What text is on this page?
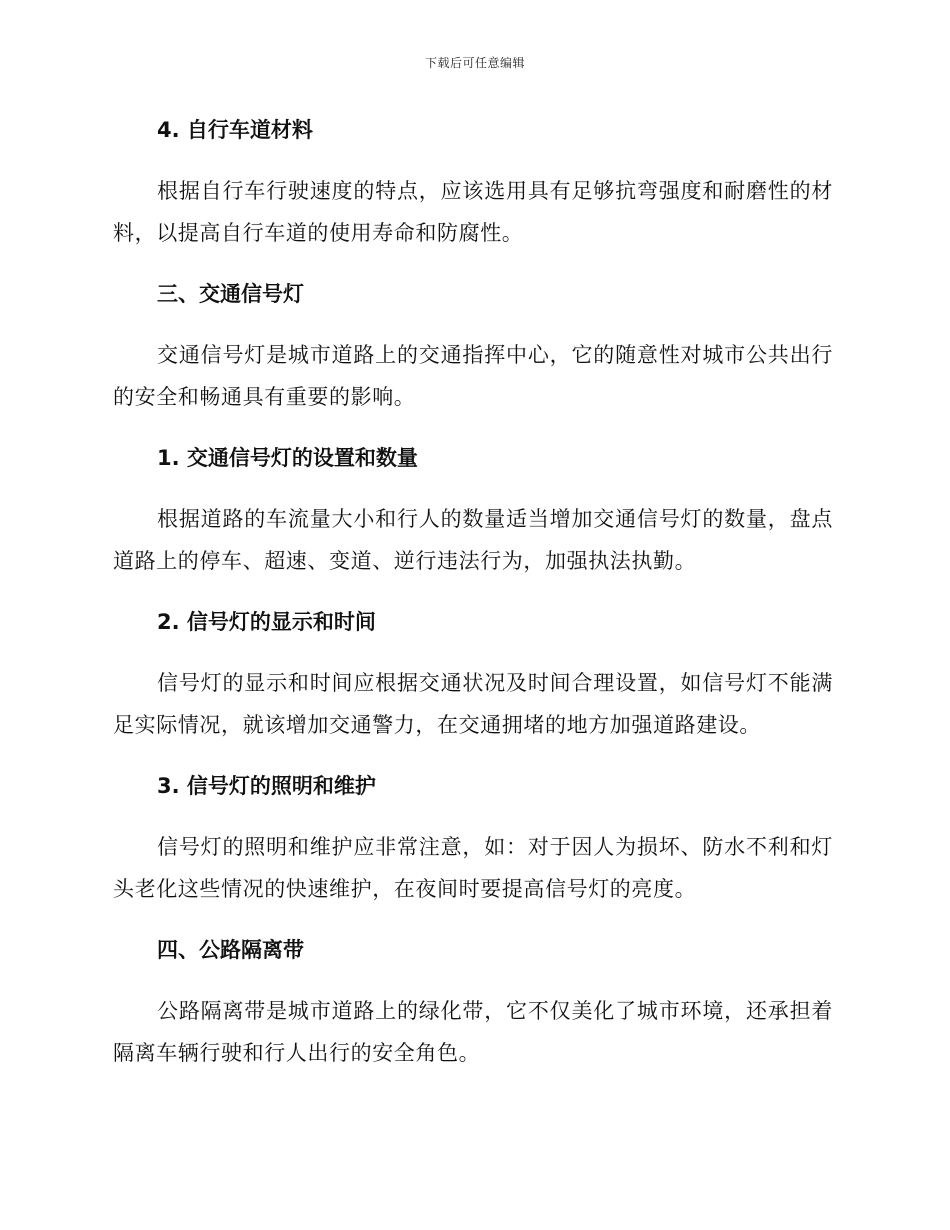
下载后可任意编辑
4. 自行车道材料

根据自行车行驶速度的特点，应该选用具有足够抗弯强度和耐磨性的材料，以提高自行车道的使用寿命和防腐性。

三、交通信号灯

交通信号灯是城市道路上的交通指挥中心，它的随意性对城市公共出行的安全和畅通具有重要的影响。

1. 交通信号灯的设置和数量

根据道路的车流量大小和行人的数量适当增加交通信号灯的数量，盘点道路上的停车、超速、变道、逆行违法行为，加强执法执勤。

2. 信号灯的显示和时间

信号灯的显示和时间应根据交通状况及时间合理设置，如信号灯不能满足实际情况，就该增加交通警力，在交通拥堵的地方加强道路建设。

3. 信号灯的照明和维护

信号灯的照明和维护应非常注意，如：对于因人为损坏、防水不利和灯头老化这些情况的快速维护，在夜间时要提高信号灯的亮度。

四、公路隔离带

公路隔离带是城市道路上的绿化带，它不仅美化了城市环境，还承担着隔离车辆行驶和行人出行的安全角色。
